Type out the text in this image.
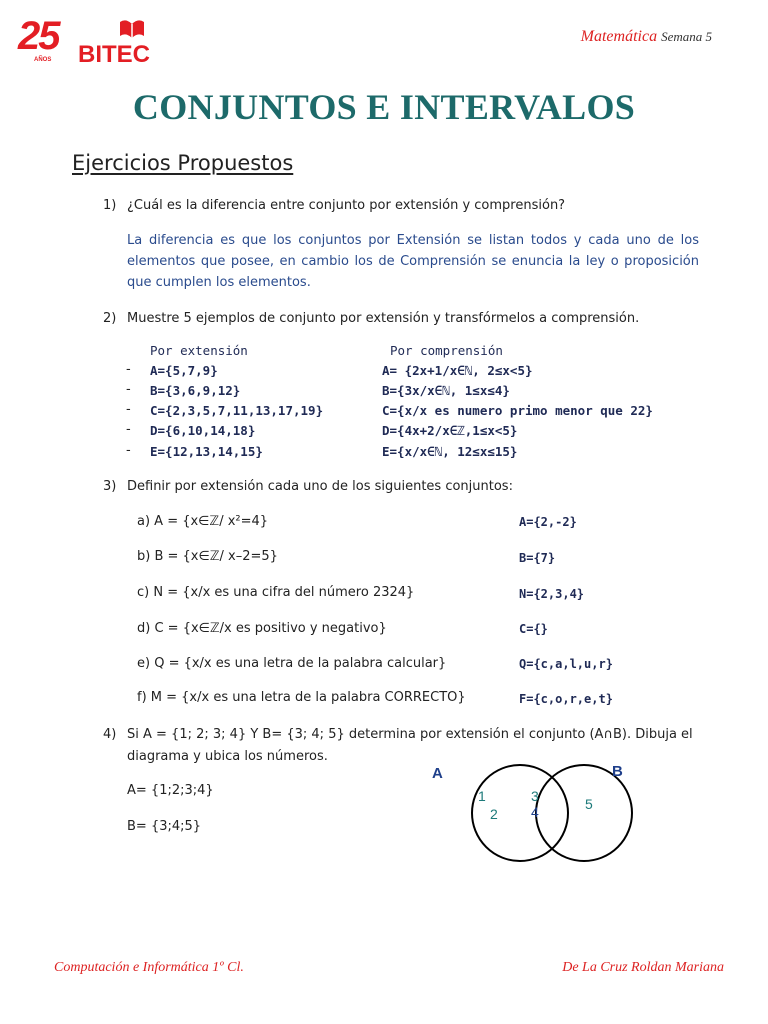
25
AÑOS BITEC
Matemática Semana 5
CONJUNTOS E INTERVALOS
Ejercicios Propuestos
1) ¿Cuál es la diferencia entre conjunto por extensión y comprensión?
La diferencia es que los conjuntos por Extensión se listan todos y cada uno de los elementos que posee, en cambio los de Comprensión se enuncia la ley o proposición que cumplen los elementos.
2) Muestre 5 ejemplos de conjunto por extensión y transfórmelos a comprensión.
Por extensión	Por comprensión
- A={5,7,9}	A= {2x+1/x∈ℕ, 2≤x<5}
- B={3,6,9,12}	B={3x/x∈ℕ, 1≤x≤4}
- C={2,3,5,7,11,13,17,19}	C={x/x es numero primo menor que 22}
- D={6,10,14,18}	D={4x+2/x∈ℤ,1≤x<5}
- E={12,13,14,15}	E={x/x∈ℕ, 12≤x≤15}
3) Definir por extensión cada uno de los siguientes conjuntos:
a) A = {x∈ℤ/ x²=4}	A={2,-2}
b) B = {x∈ℤ/ x–2=5}	B={7}
c) N = {x/x es una cifra del número 2324}	N={2,3,4}
d) C = {x∈ℤ/x es positivo y negativo}	C={}
e) Q = {x/x es una letra de la palabra calcular}	Q={c,a,l,u,r}
f) M = {x/x es una letra de la palabra CORRECTO}	F={c,o,r,e,t}
4) Si A = {1; 2; 3; 4} Y B= {3; 4; 5} determina por extensión el conjunto (A∩B). Dibuja el
diagrama y ubica los números.
A= {1;2;3;4}
B= {3;4;5}
A	B
1
2
3
4	5
Computación e Informática 1º Cl.	De La Cruz Roldan Mariana
